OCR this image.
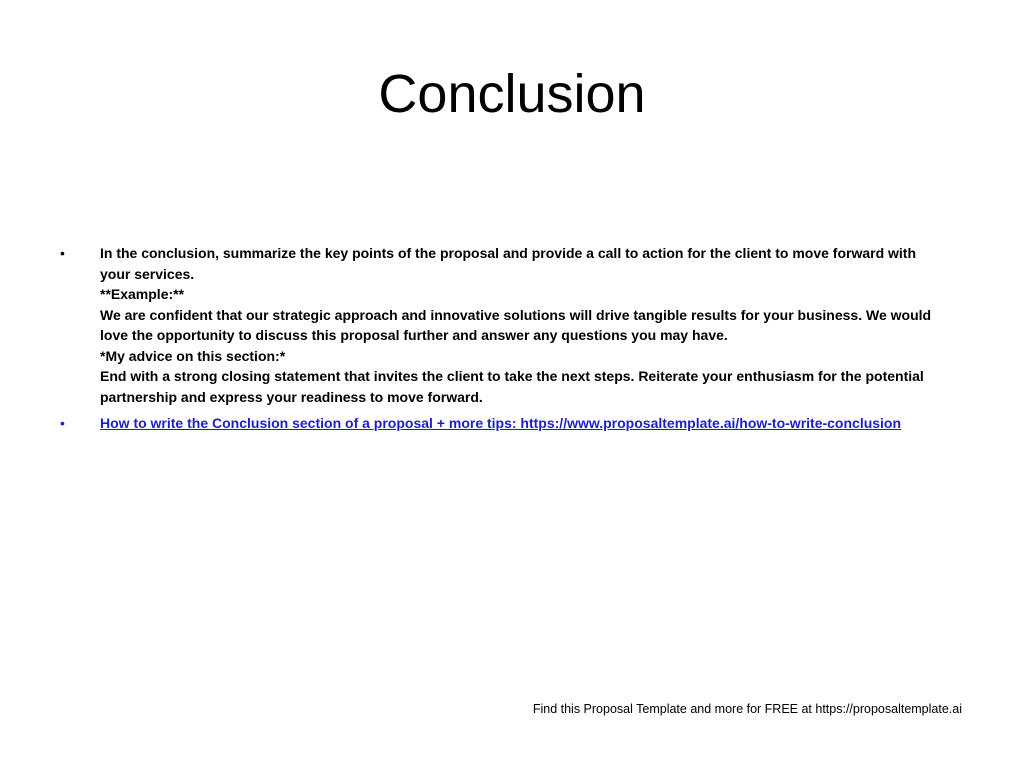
Conclusion
•	In the conclusion, summarize the key points of the proposal and provide a call to action for the client to move forward with your services.
**Example:**
We are confident that our strategic approach and innovative solutions will drive tangible results for your business. We would love the opportunity to discuss this proposal further and answer any questions you may have.
*My advice on this section:*
End with a strong closing statement that invites the client to take the next steps. Reiterate your enthusiasm for the potential partnership and express your readiness to move forward.
•	How to write the Conclusion section of a proposal + more tips: https://www.proposaltemplate.ai/how-to-write-conclusion
Find this Proposal Template and more for FREE at https://proposaltemplate.ai
